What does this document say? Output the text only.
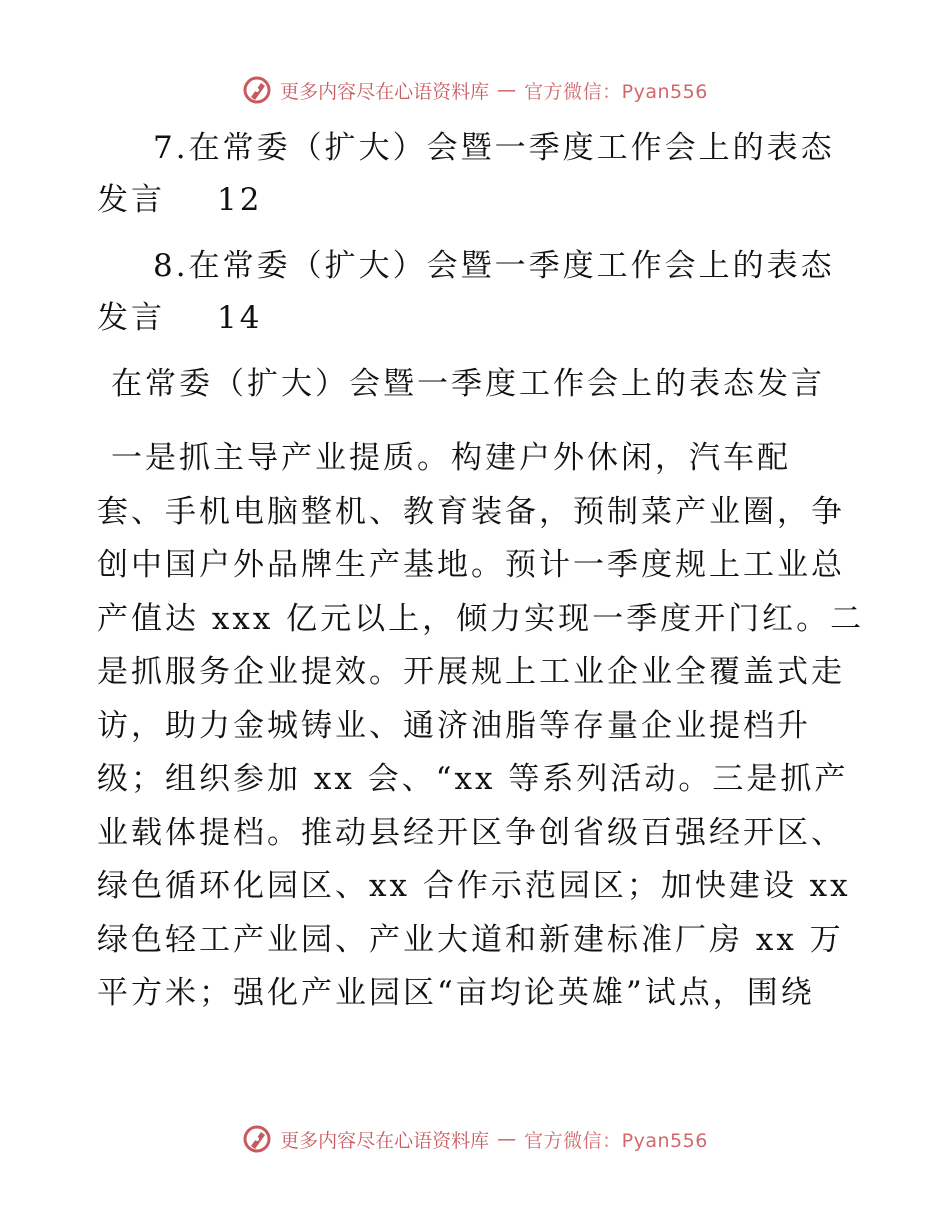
更多内容尽在心语资料库 — 官方微信：Pyan556
7.在常委（扩大）会暨一季度工作会上的表态
发言 12
8.在常委（扩大）会暨一季度工作会上的表态
发言 14
在常委（扩大）会暨一季度工作会上的表态发言
一是抓主导产业提质。构建户外休闲，汽车配
套、手机电脑整机、教育装备，预制菜产业圈，争
创中国户外品牌生产基地。预计一季度规上工业总
产值达 xxx 亿元以上，倾力实现一季度开门红。二
是抓服务企业提效。开展规上工业企业全覆盖式走
访，助力金城铸业、通济油脂等存量企业提档升
级；组织参加 xx 会、“xx 等系列活动。三是抓产
业载体提档。推动县经开区争创省级百强经开区、
绿色循环化园区、xx 合作示范园区；加快建设 xx
绿色轻工产业园、产业大道和新建标准厂房 xx 万
平方米；强化产业园区“亩均论英雄”试点，围绕
更多内容尽在心语资料库 — 官方微信：Pyan556
